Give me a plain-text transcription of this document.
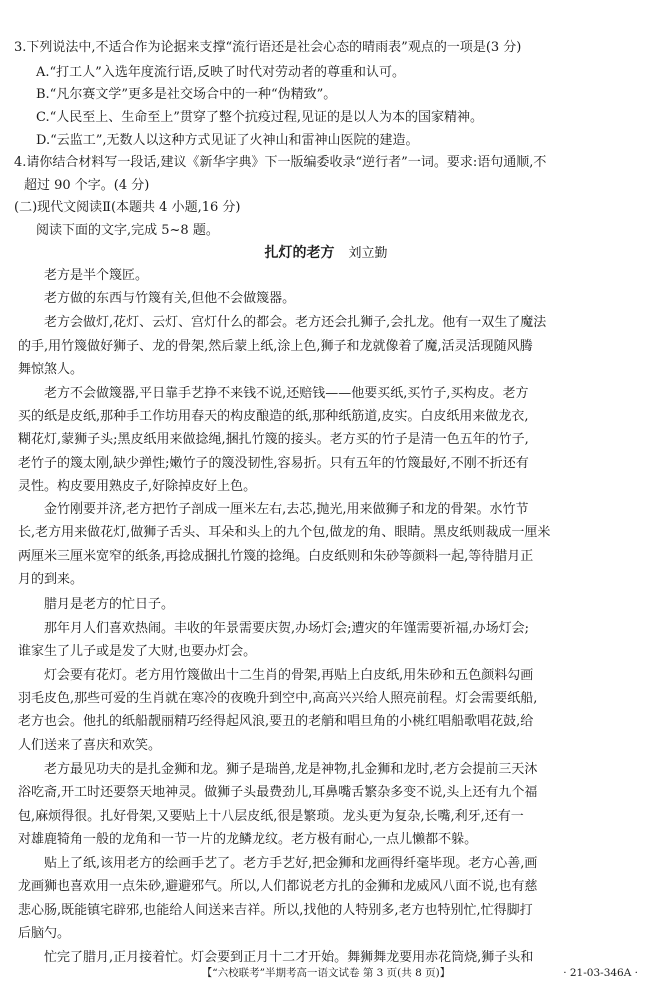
3.下列说法中,不适合作为论据来支撑“流行语还是社会心态的晴雨表”观点的一项是(3 分)
A.“打工人”入选年度流行语,反映了时代对劳动者的尊重和认可。
B.“凡尔赛文学”更多是社交场合中的一种“伪精致”。
C.“人民至上、生命至上”贯穿了整个抗疫过程,见证的是以人为本的国家精神。
D.“云监工”,无数人以这种方式见证了火神山和雷神山医院的建造。
4.请你结合材料写一段话,建议《新华字典》下一版编委收录“逆行者”一词。要求:语句通顺,不
超过 90 个字。(4 分)
(二)现代文阅读Ⅱ(本题共 4 小题,16 分)
阅读下面的文字,完成 5~8 题。
扎灯的老方 刘立勤
老方是半个篾匠。
老方做的东西与竹篾有关,但他不会做篾器。
老方会做灯,花灯、云灯、宫灯什么的都会。老方还会扎狮子,会扎龙。他有一双生了魔法
的手,用竹篾做好狮子、龙的骨架,然后蒙上纸,涂上色,狮子和龙就像着了魔,活灵活现随风腾
舞惊煞人。
老方不会做篾器,平日靠手艺挣不来钱不说,还赔钱——他要买纸,买竹子,买构皮。老方
买的纸是皮纸,那种手工作坊用春天的构皮酿造的纸,那种纸筋道,皮实。白皮纸用来做龙衣,
糊花灯,蒙狮子头;黑皮纸用来做捻绳,捆扎竹篾的接头。老方买的竹子是清一色五年的竹子,
老竹子的篾太刚,缺少弹性;嫩竹子的篾没韧性,容易折。只有五年的竹篾最好,不刚不折还有
灵性。构皮要用熟皮子,好除掉皮好上色。
金竹刚要并济,老方把竹子剖成一厘米左右,去芯,抛光,用来做狮子和龙的骨架。水竹节
长,老方用来做花灯,做狮子舌头、耳朵和头上的九个包,做龙的角、眼睛。黑皮纸则裁成一厘米
两厘米三厘米宽窄的纸条,再捻成捆扎竹篾的捻绳。白皮纸则和朱砂等颜料一起,等待腊月正
月的到来。
腊月是老方的忙日子。
那年月人们喜欢热闹。丰收的年景需要庆贺,办场灯会;遭灾的年馑需要祈福,办场灯会;
谁家生了儿子或是发了大财,也要办灯会。
灯会要有花灯。老方用竹篾做出十二生肖的骨架,再贴上白皮纸,用朱砂和五色颜料勾画
羽毛皮色,那些可爱的生肖就在寒冷的夜晚升到空中,高高兴兴给人照亮前程。灯会需要纸船,
老方也会。他扎的纸船靓丽精巧经得起风浪,要丑的老艄和唱旦角的小桃红唱船歌唱花鼓,给
人们送来了喜庆和欢笑。
老方最见功夫的是扎金狮和龙。狮子是瑞兽,龙是神物,扎金狮和龙时,老方会提前三天沐
浴吃斋,开工时还要祭天地神灵。做狮子头最费劲儿,耳鼻嘴舌繁杂多变不说,头上还有九个福
包,麻烦得很。扎好骨架,又要贴上十八层皮纸,很是繁琐。龙头更为复杂,长嘴,利牙,还有一
对雄鹿犄角一般的龙角和一节一片的龙鳞龙纹。老方极有耐心,一点儿懒都不躲。
贴上了纸,该用老方的绘画手艺了。老方手艺好,把金狮和龙画得纤毫毕现。老方心善,画
龙画狮也喜欢用一点朱砂,避避邪气。所以,人们都说老方扎的金狮和龙威风八面不说,也有慈
悲心肠,既能镇宅辟邪,也能给人间送来吉祥。所以,找他的人特别多,老方也特别忙,忙得脚打
后脑勺。
忙完了腊月,正月接着忙。灯会要到正月十二才开始。舞狮舞龙要用赤花筒烧,狮子头和
【“六校联考”半期考高一语文试卷 第 3 页(共 8 页)】	· 21-03-346A ·
